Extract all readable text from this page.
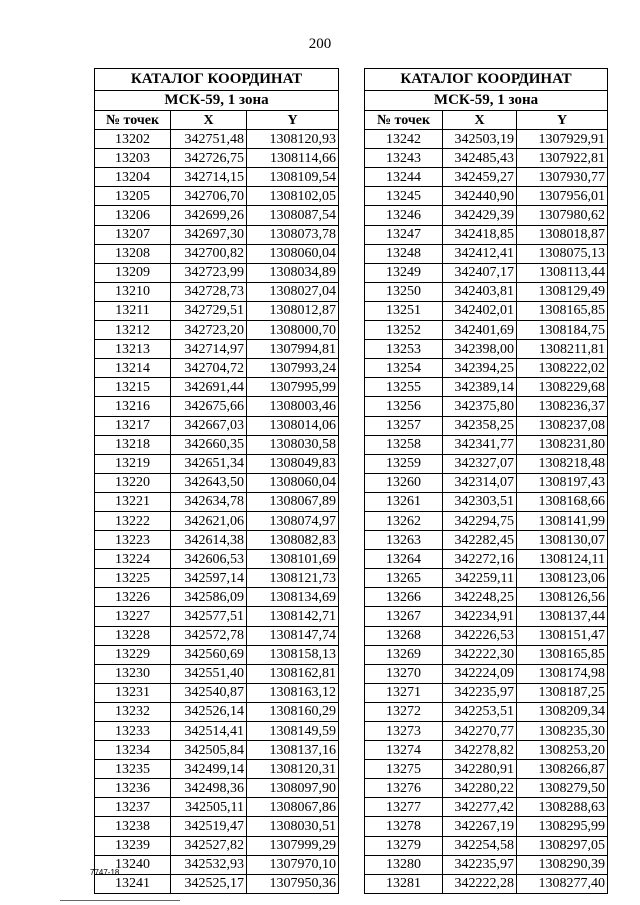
200
КАТАЛОГ КООРДИНАТ		
МСК-59, 1 зона		
№ точек	X	Y
13202	342751,48	1308120,93
13203	342726,75	1308114,66
13204	342714,15	1308109,54
13205	342706,70	1308102,05
13206	342699,26	1308087,54
13207	342697,30	1308073,78
13208	342700,82	1308060,04
13209	342723,99	1308034,89
13210	342728,73	1308027,04
13211	342729,51	1308012,87
13212	342723,20	1308000,70
13213	342714,97	1307994,81
13214	342704,72	1307993,24
13215	342691,44	1307995,99
13216	342675,66	1308003,46
13217	342667,03	1308014,06
13218	342660,35	1308030,58
13219	342651,34	1308049,83
13220	342643,50	1308060,04
13221	342634,78	1308067,89
13222	342621,06	1308074,97
13223	342614,38	1308082,83
13224	342606,53	1308101,69
13225	342597,14	1308121,73
13226	342586,09	1308134,69
13227	342577,51	1308142,71
13228	342572,78	1308147,74
13229	342560,69	1308158,13
13230	342551,40	1308162,81
13231	342540,87	1308163,12
13232	342526,14	1308160,29
13233	342514,41	1308149,59
13234	342505,84	1308137,16
13235	342499,14	1308120,31
13236	342498,36	1308097,90
13237	342505,11	1308067,86
13238	342519,47	1308030,51
13239	342527,82	1307999,29
13240	342532,93	1307970,10
13241	342525,17	1307950,36
КАТАЛОГ КООРДИНАТ		
МСК-59, 1 зона		
№ точек	X	Y
13242	342503,19	1307929,91
13243	342485,43	1307922,81
13244	342459,27	1307930,77
13245	342440,90	1307956,01
13246	342429,39	1307980,62
13247	342418,85	1308018,87
13248	342412,41	1308075,13
13249	342407,17	1308113,44
13250	342403,81	1308129,49
13251	342402,01	1308165,85
13252	342401,69	1308184,75
13253	342398,00	1308211,81
13254	342394,25	1308222,02
13255	342389,14	1308229,68
13256	342375,80	1308236,37
13257	342358,25	1308237,08
13258	342341,77	1308231,80
13259	342327,07	1308218,48
13260	342314,07	1308197,43
13261	342303,51	1308168,66
13262	342294,75	1308141,99
13263	342282,45	1308130,07
13264	342272,16	1308124,11
13265	342259,11	1308123,06
13266	342248,25	1308126,56
13267	342234,91	1308137,44
13268	342226,53	1308151,47
13269	342222,30	1308165,85
13270	342224,09	1308174,98
13271	342235,97	1308187,25
13272	342253,51	1308209,34
13273	342270,77	1308235,30
13274	342278,82	1308253,20
13275	342280,91	1308266,87
13276	342280,22	1308279,50
13277	342277,42	1308288,63
13278	342267,19	1308295,99
13279	342254,58	1308297,05
13280	342235,97	1308290,39
13281	342222,28	1308277,40
7747-18
